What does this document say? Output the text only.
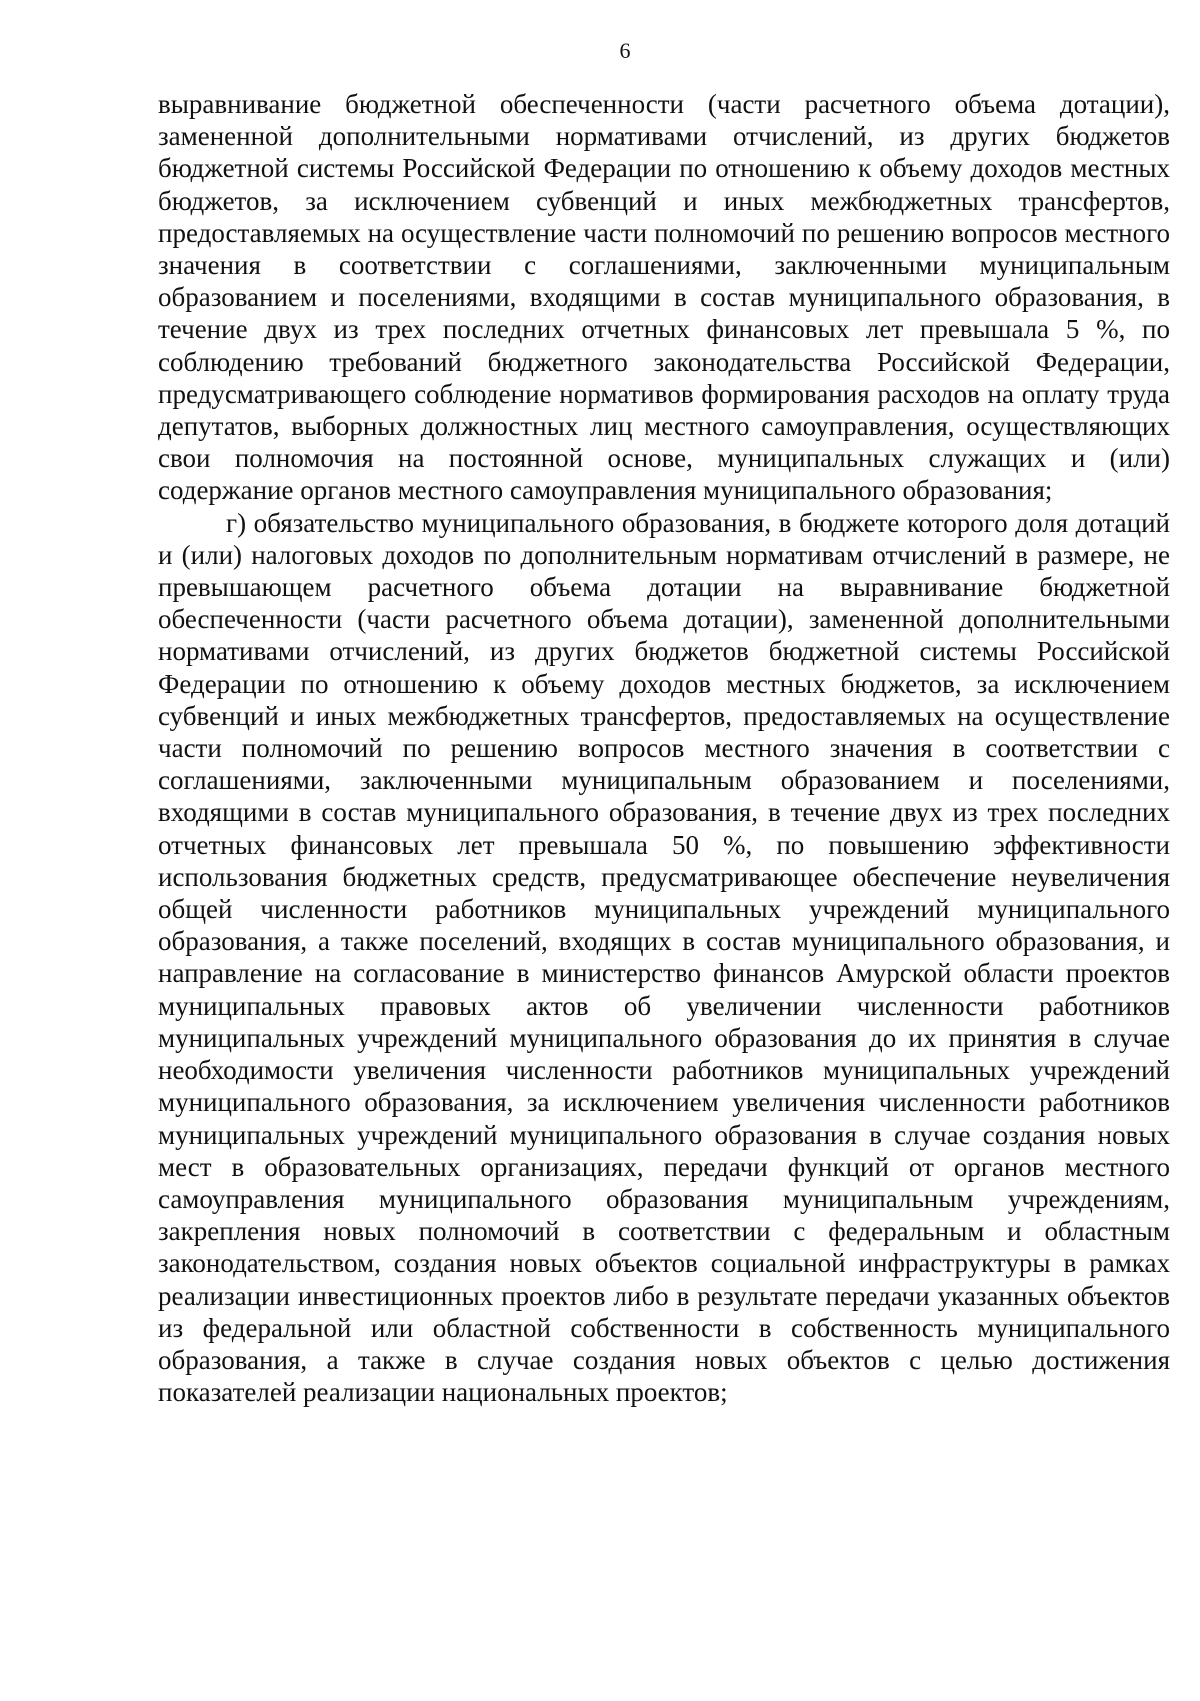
6

выравнивание бюджетной обеспеченности (части расчетного объема дотации), замененной дополнительными нормативами отчислений, из других бюджетов бюджетной системы Российской Федерации по отношению к объему доходов местных бюджетов, за исключением субвенций и иных межбюджетных трансфертов, предоставляемых на осуществление части полномочий по решению вопросов местного значения в соответствии с соглашениями, заключенными муниципальным образованием и поселениями, входящими в состав муниципального образования, в течение двух из трех последних отчетных финансовых лет превышала 5 %, по соблюдению требований бюджетного законодательства Российской Федерации, предусматривающего соблюдение нормативов формирования расходов на оплату труда депутатов, выборных должностных лиц местного самоуправления, осуществляющих свои полномочия на постоянной основе, муниципальных служащих и (или) содержание органов местного самоуправления муниципального образования;

г) обязательство муниципального образования, в бюджете которого доля дотаций и (или) налоговых доходов по дополнительным нормативам отчислений в размере, не превышающем расчетного объема дотации на выравнивание бюджетной обеспеченности (части расчетного объема дотации), замененной дополнительными нормативами отчислений, из других бюджетов бюджетной системы Российской Федерации по отношению к объему доходов местных бюджетов, за исключением субвенций и иных межбюджетных трансфертов, предоставляемых на осуществление части полномочий по решению вопросов местного значения в соответствии с соглашениями, заключенными муниципальным образованием и поселениями, входящими в состав муниципального образования, в течение двух из трех последних отчетных финансовых лет превышала 50 %, по повышению эффективности использования бюджетных средств, предусматривающее обеспечение неувеличения общей численности работников муниципальных учреждений муниципального образования, а также поселений, входящих в состав муниципального образования, и направление на согласование в министерство финансов Амурской области проектов муниципальных правовых актов об увеличении численности работников муниципальных учреждений муниципального образования до их принятия в случае необходимости увеличения численности работников муниципальных учреждений муниципального образования, за исключением увеличения численности работников муниципальных учреждений муниципального образования в случае создания новых мест в образовательных организациях, передачи функций от органов местного самоуправления муниципального образования муниципальным учреждениям, закрепления новых полномочий в соответствии с федеральным и областным законодательством, создания новых объектов социальной инфраструктуры в рамках реализации инвестиционных проектов либо в результате передачи указанных объектов из федеральной или областной собственности в собственность муниципального образования, а также в случае создания новых объектов с целью достижения показателей реализации национальных проектов;
